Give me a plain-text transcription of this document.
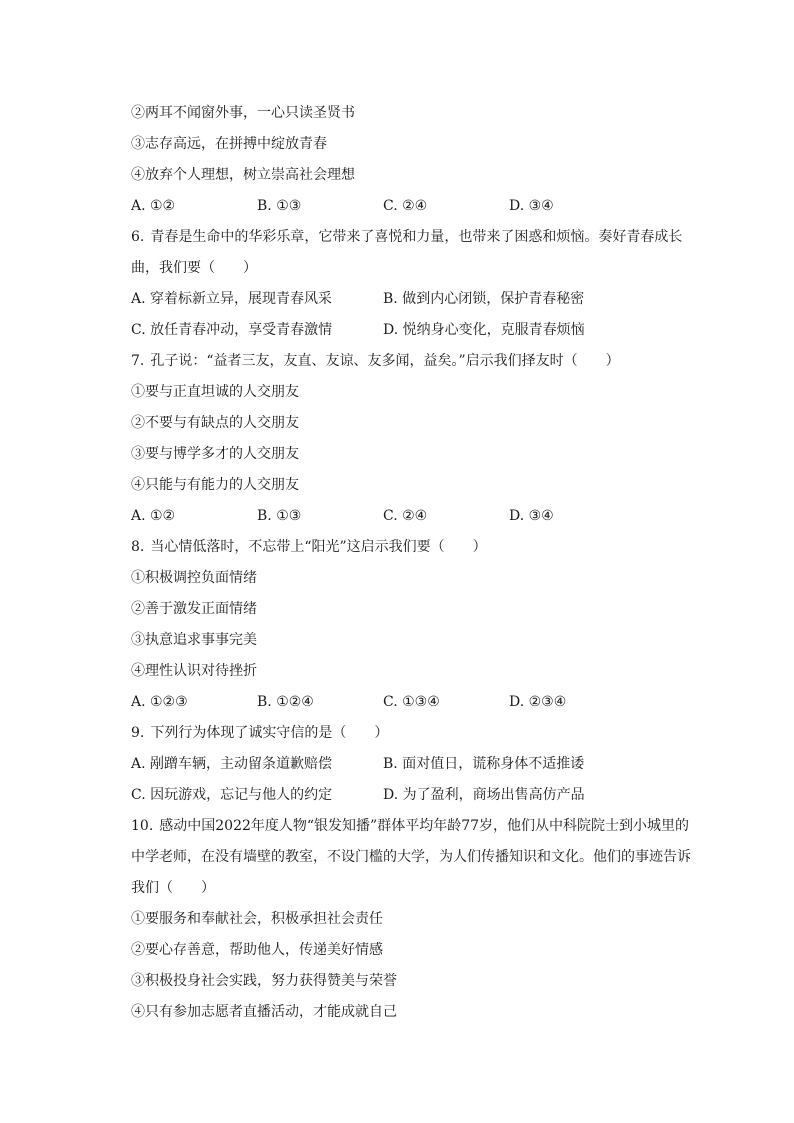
②两耳不闻窗外事，一心只读圣贤书
③志存高远，在拼搏中绽放青春
④放弃个人理想，树立崇高社会理想
A. ①②	B. ①③	C. ②④	D. ③④
6. 青春是生命中的华彩乐章，它带来了喜悦和力量，也带来了困惑和烦恼。奏好青春成长曲，我们要（　　）
A. 穿着标新立异，展现青春风采	B. 做到内心闭锁，保护青春秘密
C. 放任青春冲动，享受青春激情	D. 悦纳身心变化，克服青春烦恼
7. 孔子说：“益者三友，友直、友谅、友多闻，益矣。”启示我们择友时（　　）
①要与正直坦诚的人交朋友
②不要与有缺点的人交朋友
③要与博学多才的人交朋友
④只能与有能力的人交朋友
A. ①②	B. ①③	C. ②④	D. ③④
8. 当心情低落时，不忘带上“阳光”这启示我们要（　　）
①积极调控负面情绪
②善于激发正面情绪
③执意追求事事完美
④理性认识对待挫折
A. ①②③	B. ①②④	C. ①③④	D. ②③④
9. 下列行为体现了诚实守信的是（　　）
A. 剐蹭车辆，主动留条道歉赔偿	B. 面对值日，谎称身体不适推诿
C. 因玩游戏，忘记与他人的约定	D. 为了盈利，商场出售高仿产品
10. 感动中国2022年度人物“银发知播”群体平均年龄77岁，他们从中科院院士到小城里的中学老师，在没有墙壁的教室，不设门槛的大学，为人们传播知识和文化。他们的事迹告诉我们（　　）
①要服务和奉献社会，积极承担社会责任
②要心存善意，帮助他人，传递美好情感
③积极投身社会实践，努力获得赞美与荣誉
④只有参加志愿者直播活动，才能成就自己
